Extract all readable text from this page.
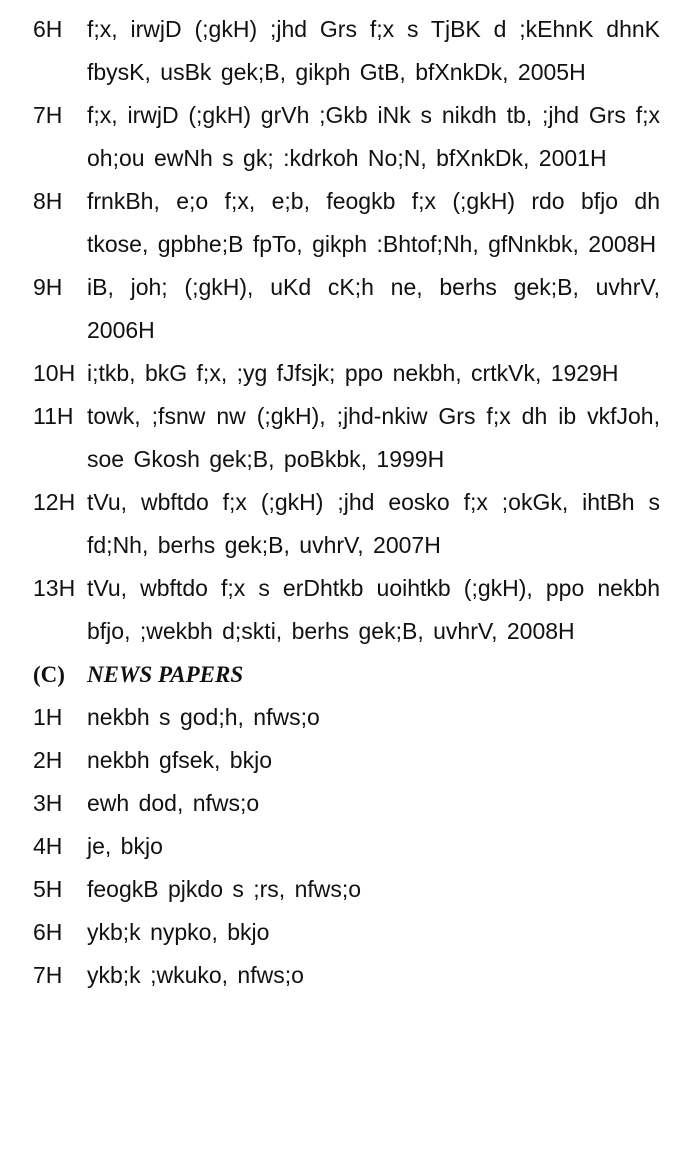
6H	f;x, irwjD (;gkH) ;jhd Grs f;x s TjBK d ;kEhnK dhnK fbysK, usBk gek;B, gikph GtB, bfXnkDk, 2005H
7H	f;x, irwjD (;gkH) grVh ;Gkb iNk s nikdh tb, ;jhd Grs f;x oh;ou ewNh s gk; :kdrkoh No;N, bfXnkDk, 2001H
8H	frnkBh, e;o f;x, e;b, feogkb f;x (;gkH) rdo bfjo dh tkose, gpbhe;B fpTo, gikph :Bhtof;Nh, gfNnkbk, 2008H
9H	iB, joh; (;gkH), uKd cK;h ne, berhs gek;B, uvhrV, 2006H
10H i;tkb, bkG f;x, ;yg fJfsjk; ppo nekbh, crtkVk, 1929H
11H towk, ;fsnw nw (;gkH), ;jhd-nkiw Grs f;x dh ib vkfJoh, soe Gkosh gek;B, poBkbk, 1999H
12H tVu, wbftdo f;x (;gkH) ;jhd eosko f;x ;okGk, ihtBh s fd;Nh, berhs gek;B, uvhrV, 2007H
13H tVu, wbftdo f;x s erDhtkb uoihtkb (;gkH), ppo nekbh bfjo, ;wekbh d;skti, berhs gek;B, uvhrV, 2008H
(C) NEWS PAPERS
1H	nekbh s god;h, nfws;o
2H	nekbh gfsek, bkjo
3H	ewh dod, nfws;o
4H	je, bkjo
5H	feogkB pjkdo s ;rs, nfws;o
6H	ykb;k nypko, bkjo
7H	ykb;k ;wkuko, nfws;o
